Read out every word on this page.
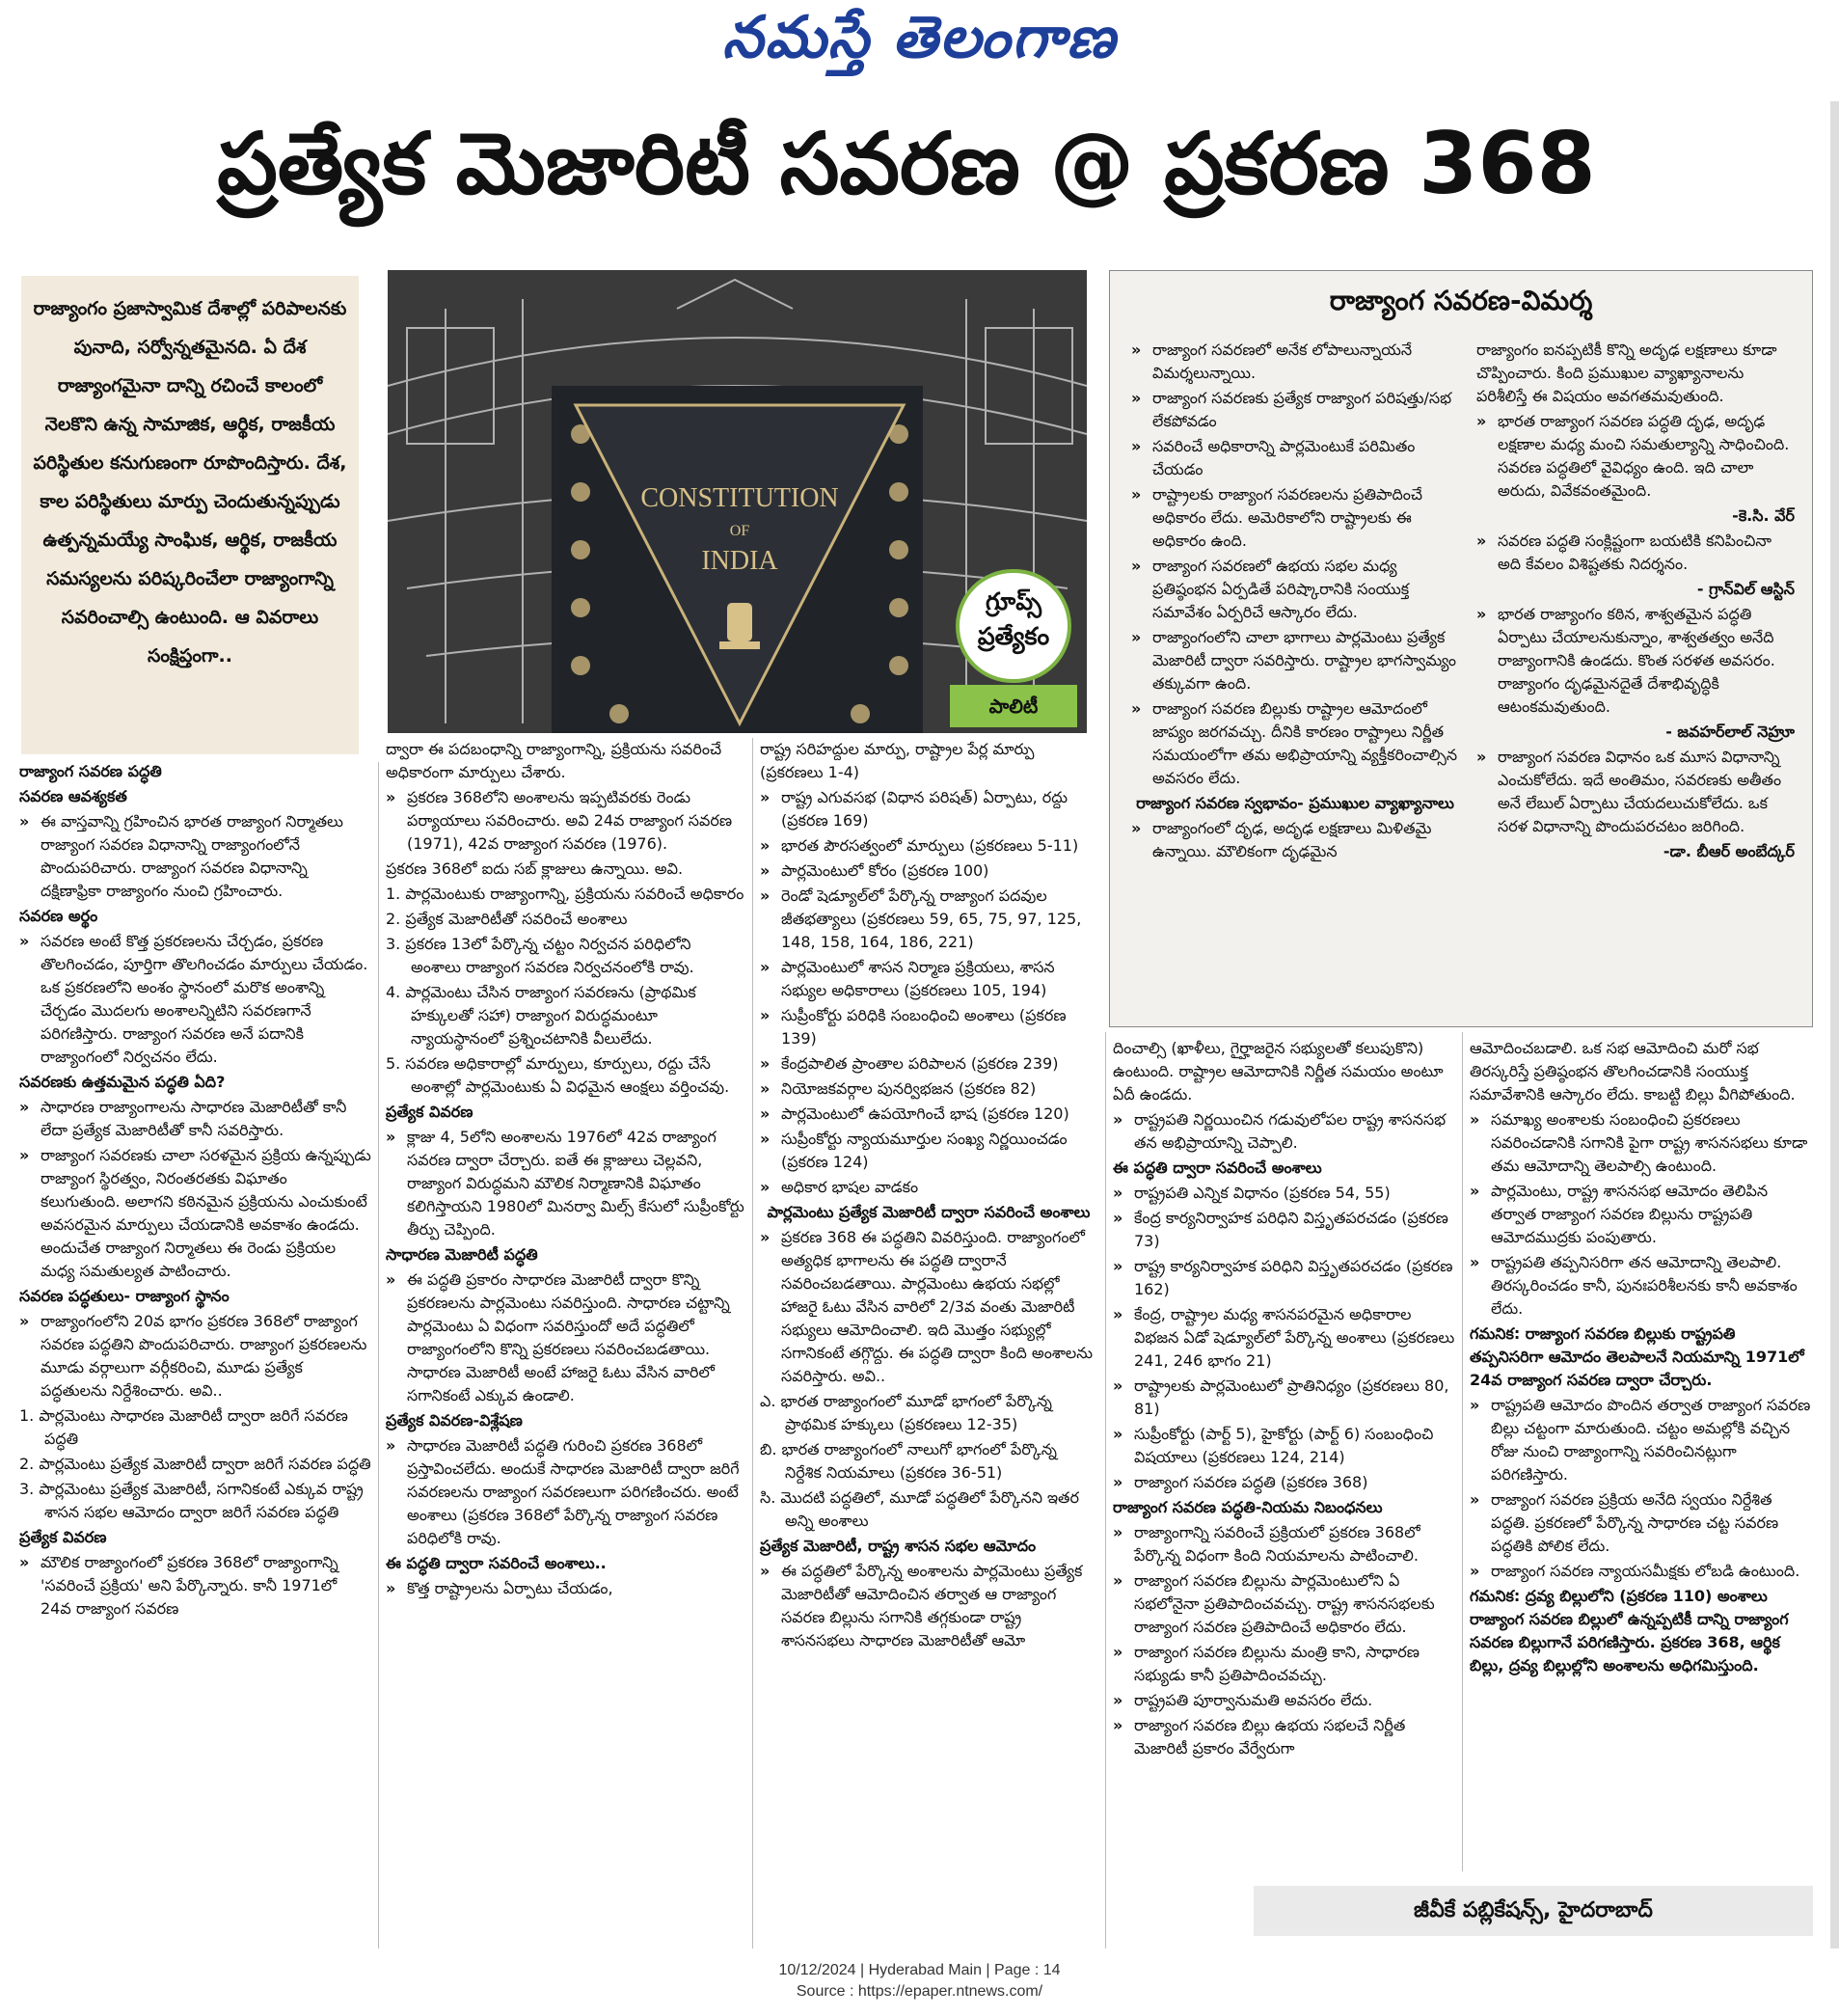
నమస్తే తెలంగాణ
ప్రత్యేక మెజారిటీ సవరణ @ ప్రకరణ 368
రాజ్యాంగం ప్రజాస్వామిక దేశాల్లో పరిపాలనకు పునాది, సర్వోన్నతమైనది. ఏ దేశ రాజ్యాంగమైనా దాన్ని రచించే కాలంలో నెలకొని ఉన్న సామాజిక, ఆర్థిక, రాజకీయ పరిస్థితుల కనుగుణంగా రూపొందిస్తారు. దేశ, కాల పరిస్థితులు మార్పు చెందుతున్నప్పుడు ఉత్పన్నమయ్యే సాంఘిక, ఆర్థిక, రాజకీయ సమస్యలను పరిష్కరించేలా రాజ్యాంగాన్ని సవరించాల్సి ఉంటుంది. ఆ వివరాలు సంక్షిప్తంగా..
CONSTITUTION
OF
INDIA
గ్రూప్స్
ప్రత్యేకం
పాలిటీ
రాజ్యాంగ సవరణ-విమర్శ

» రాజ్యాంగ సవరణలో అనేక లోపాలున్నాయనే విమర్శలున్నాయి.

» రాజ్యాంగ సవరణకు ప్రత్యేక రాజ్యాంగ పరిషత్తు/సభ లేకపోవడం

» సవరించే అధికారాన్ని పార్లమెంటుకే పరిమితం చేయడం

» రాష్ట్రాలకు రాజ్యాంగ సవరణలను ప్రతిపాదించే అధికారం లేదు. అమెరికాలోని రాష్ట్రాలకు ఈ అధికారం ఉంది.

» రాజ్యాంగ సవరణలో ఉభయ సభల మధ్య ప్రతిష్ఠంభన ఏర్పడితే పరిష్కారానికి సంయుక్త సమావేశం ఏర్పరిచే ఆస్కారం లేదు.

» రాజ్యాంగంలోని చాలా భాగాలు పార్లమెంటు ప్రత్యేక మెజారిటీ ద్వారా సవరిస్తారు. రాష్ట్రాల భాగస్వామ్యం తక్కువగా ఉంది.

» రాజ్యాంగ సవరణ బిల్లుకు రాష్ట్రాల ఆమోదంలో జాప్యం జరగవచ్చు. దీనికి కారణం రాష్ట్రాలు నిర్ణీత సమయంలోగా తమ అభిప్రాయాన్ని వ్యక్తీకరించాల్సిన అవసరం లేదు.

రాజ్యాంగ సవరణ స్వభావం- ప్రముఖుల వ్యాఖ్యానాలు

» రాజ్యాంగంలో దృఢ, అదృఢ లక్షణాలు మిళితమై ఉన్నాయి. మౌలికంగా దృఢమైన

రాజ్యాంగం ఐనప్పటికీ కొన్ని అదృఢ లక్షణాలు కూడా చొప్పించారు. కింది ప్రముఖుల వ్యాఖ్యానాలను పరిశీలిస్తే ఈ విషయం అవగతమవుతుంది.

» భారత రాజ్యాంగ సవరణ పద్ధతి దృఢ, అదృఢ లక్షణాల మధ్య మంచి సమతుల్యాన్ని సాధించింది. సవరణ పద్ధతిలో వైవిధ్యం ఉంది. ఇది చాలా అరుదు, వివేకవంతమైంది.

-కె.సి. వేర్

» సవరణ పద్ధతి సంక్లిష్టంగా బయటికి కనిపించినా అది కేవలం విశిష్టతకు నిదర్శనం.

- గ్రాన్‌విల్ ఆస్టిన్

» భారత రాజ్యాంగం కఠిన, శాశ్వతమైన పద్ధతి ఏర్పాటు చేయాలనుకున్నాం, శాశ్వతత్వం అనేది రాజ్యాంగానికి ఉండదు. కొంత సరళత అవసరం. రాజ్యాంగం దృఢమైనదైతే దేశాభివృద్ధికి ఆటంకమవుతుంది.

- జవహర్‌లాల్ నెహ్రూ

» రాజ్యాంగ సవరణ విధానం ఒక మూస విధానాన్ని ఎంచుకోలేదు. ఇదే అంతిమం, సవరణకు అతీతం అనే లేబుల్ ఏర్పాటు చేయదలుచుకోలేదు. ఒక సరళ విధానాన్ని పొందుపరచటం జరిగింది.

-డా. బీఆర్ అంబేద్కర్

రాజ్యాంగ సవరణ పద్ధతి

సవరణ ఆవశ్యకత

» ఈ వాస్తవాన్ని గ్రహించిన భారత రాజ్యాంగ నిర్మాతలు రాజ్యాంగ సవరణ విధానాన్ని రాజ్యాంగంలోనే పొందుపరిచారు. రాజ్యాంగ సవరణ విధానాన్ని దక్షిణాఫ్రికా రాజ్యాంగం నుంచి గ్రహించారు.

సవరణ అర్థం

» సవరణ అంటే కొత్త ప్రకరణలను చేర్చడం, ప్రకరణ తొలగించడం, పూర్తిగా తొలగించడం మార్పులు చేయడం. ఒక ప్రకరణలోని అంశం స్థానంలో మరొక అంశాన్ని చేర్చడం మొదలగు అంశాలన్నిటిని సవరణగానే పరిగణిస్తారు. రాజ్యాంగ సవరణ అనే పదానికి రాజ్యాంగంలో నిర్వచనం లేదు.

సవరణకు ఉత్తమమైన పద్ధతి ఏది?

» సాధారణ రాజ్యాంగాలను సాధారణ మెజారిటీతో కానీ లేదా ప్రత్యేక మెజారిటీతో కానీ సవరిస్తారు.

» రాజ్యాంగ సవరణకు చాలా సరళమైన ప్రక్రియ ఉన్నప్పుడు రాజ్యాంగ స్థిరత్వం, నిరంతరతకు విఘాతం కలుగుతుంది. అలాగని కఠినమైన ప్రక్రియను ఎంచుకుంటే అవసరమైన మార్పులు చేయడానికి అవకాశం ఉండదు. అందుచేత రాజ్యాంగ నిర్మాతలు ఈ రెండు ప్రక్రియల మధ్య సమతుల్యత పాటించారు.

సవరణ పద్ధతులు- రాజ్యాంగ స్థానం

» రాజ్యాంగంలోని 20వ భాగం ప్రకరణ 368లో రాజ్యాంగ సవరణ పద్ధతిని పొందుపరిచారు. రాజ్యాంగ ప్రకరణలను మూడు వర్గాలుగా వర్గీకరించి, మూడు ప్రత్యేక పద్ధతులను నిర్దేశించారు. అవి..

1. పార్లమెంటు సాధారణ మెజారిటీ ద్వారా జరిగే సవరణ పద్ధతి

2. పార్లమెంటు ప్రత్యేక మెజారిటీ ద్వారా జరిగే సవరణ పద్ధతి

3. పార్లమెంటు ప్రత్యేక మెజారిటీ, సగానికంటే ఎక్కువ రాష్ట్ర శాసన సభల ఆమోదం ద్వారా జరిగే సవరణ పద్ధతి

ప్రత్యేక వివరణ

» మౌలిక రాజ్యాంగంలో ప్రకరణ 368లో రాజ్యాంగాన్ని 'సవరించే ప్రక్రియ' అని పేర్కొన్నారు. కానీ 1971లో 24వ రాజ్యాంగ సవరణ

ద్వారా ఈ పదబంధాన్ని రాజ్యాంగాన్ని, ప్రక్రియను సవరించే అధికారంగా మార్పులు చేశారు.

» ప్రకరణ 368లోని అంశాలను ఇప్పటివరకు రెండు పర్యాయాలు సవరించారు. అవి 24వ రాజ్యాంగ సవరణ (1971), 42వ రాజ్యాంగ సవరణ (1976).

ప్రకరణ 368లో ఐదు సబ్ క్లాజులు ఉన్నాయి. అవి.

1. పార్లమెంటుకు రాజ్యాంగాన్ని, ప్రక్రియను సవరించే అధికారం

2. ప్రత్యేక మెజారిటీతో సవరించే అంశాలు

3. ప్రకరణ 13లో పేర్కొన్న చట్టం నిర్వచన పరిధిలోని అంశాలు రాజ్యాంగ సవరణ నిర్వచనంలోకి రావు.

4. పార్లమెంటు చేసిన రాజ్యాంగ సవరణను (ప్రాథమిక హక్కులతో సహా) రాజ్యాంగ విరుద్ధమంటూ న్యాయస్థానంలో ప్రశ్నించటానికి వీలులేదు.

5. సవరణ అధికారాల్లో మార్పులు, కూర్పులు, రద్దు చేసే అంశాల్లో పార్లమెంటుకు ఏ విధమైన ఆంక్షలు వర్తించవు.

ప్రత్యేక వివరణ

» క్లాజు 4, 5లోని అంశాలను 1976లో 42వ రాజ్యాంగ సవరణ ద్వారా చేర్చారు. ఐతే ఈ క్లాజులు చెల్లవని, రాజ్యాంగ విరుద్ధమని మౌలిక నిర్మాణానికి విఘాతం కలిగిస్తాయని 1980లో మినర్వా మిల్స్ కేసులో సుప్రీంకోర్టు తీర్పు చెప్పింది.

సాధారణ మెజారిటీ పద్ధతి

» ఈ పద్ధతి ప్రకారం సాధారణ మెజారిటీ ద్వారా కొన్ని ప్రకరణలను పార్లమెంటు సవరిస్తుంది. సాధారణ చట్టాన్ని పార్లమెంటు ఏ విధంగా సవరిస్తుందో అదే పద్ధతిలో రాజ్యాంగంలోని కొన్ని ప్రకరణలు సవరించబడతాయి. సాధారణ మెజారిటీ అంటే హాజరై ఓటు వేసిన వారిలో సగానికంటే ఎక్కువ ఉండాలి.

ప్రత్యేక వివరణ-విశ్లేషణ

» సాధారణ మెజారిటీ పద్ధతి గురించి ప్రకరణ 368లో ప్రస్తావించలేదు. అందుకే సాధారణ మెజారిటీ ద్వారా జరిగే సవరణలను రాజ్యాంగ సవరణలుగా పరిగణించరు. అంటే అంశాలు (ప్రకరణ 368లో పేర్కొన్న రాజ్యాంగ సవరణ పరిధిలోకి రావు.

ఈ పద్ధతి ద్వారా సవరించే అంశాలు..

» కొత్త రాష్ట్రాలను ఏర్పాటు చేయడం,

రాష్ట్ర సరిహద్దుల మార్పు, రాష్ట్రాల పేర్ల మార్పు (ప్రకరణలు 1-4)

» రాష్ట్ర ఎగువసభ (విధాన పరిషత్) ఏర్పాటు, రద్దు (ప్రకరణ 169)

» భారత పౌరసత్వంలో మార్పులు (ప్రకరణలు 5-11)

» పార్లమెంటులో కోరం (ప్రకరణ 100)

» రెండో షెడ్యూల్‌లో పేర్కొన్న రాజ్యాంగ పదవుల జీతభత్యాలు (ప్రకరణలు 59, 65, 75, 97, 125, 148, 158, 164, 186, 221)

» పార్లమెంటులో శాసన నిర్మాణ ప్రక్రియలు, శాసన సభ్యుల అధికారాలు (ప్రకరణలు 105, 194)

» సుప్రీంకోర్టు పరిధికి సంబంధించి అంశాలు (ప్రకరణ 139)

» కేంద్రపాలిత ప్రాంతాల పరిపాలన (ప్రకరణ 239)

» నియోజకవర్గాల పునర్విభజన (ప్రకరణ 82)

» పార్లమెంటులో ఉపయోగించే భాష (ప్రకరణ 120)

» సుప్రీంకోర్టు న్యాయమూర్తుల సంఖ్య నిర్ణయించడం (ప్రకరణ 124)

» అధికార భాషల వాడకం

పార్లమెంటు ప్రత్యేక మెజారిటీ ద్వారా సవరించే అంశాలు

» ప్రకరణ 368 ఈ పద్ధతిని వివరిస్తుంది. రాజ్యాంగంలో అత్యధిక భాగాలను ఈ పద్ధతి ద్వారానే సవరించబడతాయి. పార్లమెంటు ఉభయ సభల్లో హాజరై ఓటు వేసిన వారిలో 2/3వ వంతు మెజారిటీ సభ్యులు ఆమోదించాలి. ఇది మొత్తం సభ్యుల్లో సగానికంటే తగ్గొద్దు. ఈ పద్ధతి ద్వారా కింది అంశాలను సవరిస్తారు. అవి..

ఎ. భారత రాజ్యాంగంలో మూడో భాగంలో పేర్కొన్న ప్రాథమిక హక్కులు (ప్రకరణలు 12-35)

బి. భారత రాజ్యాంగంలో నాలుగో భాగంలో పేర్కొన్న నిర్దేశిక నియమాలు (ప్రకరణ 36-51)

సి. మొదటి పద్ధతిలో, మూడో పద్ధతిలో పేర్కొనని ఇతర అన్ని అంశాలు

ప్రత్యేక మెజారిటీ, రాష్ట్ర శాసన సభల ఆమోదం

» ఈ పద్ధతిలో పేర్కొన్న అంశాలను పార్లమెంటు ప్రత్యేక మెజారిటీతో ఆమోదించిన తర్వాత ఆ రాజ్యాంగ సవరణ బిల్లును సగానికి తగ్గకుండా రాష్ట్ర శాసనసభలు సాధారణ మెజారిటీతో ఆమో

దించాల్సి (ఖాళీలు, గైర్హాజరైన సభ్యులతో కలుపుకొని) ఉంటుంది. రాష్ట్రాల ఆమోదానికి నిర్ణీత సమయం అంటూ ఏదీ ఉండదు.

» రాష్ట్రపతి నిర్ణయించిన గడువులోపల రాష్ట్ర శాసనసభ తన అభిప్రాయాన్ని చెప్పాలి.

ఈ పద్ధతి ద్వారా సవరించే అంశాలు

» రాష్ట్రపతి ఎన్నిక విధానం (ప్రకరణ 54, 55)

» కేంద్ర కార్యనిర్వాహక పరిధిని విస్తృతపరచడం (ప్రకరణ 73)

» రాష్ట్ర కార్యనిర్వాహక పరిధిని విస్తృతపరచడం (ప్రకరణ 162)

» కేంద్ర, రాష్ట్రాల మధ్య శాసనపరమైన అధికారాల విభజన ఏడో షెడ్యూల్‌లో పేర్కొన్న అంశాలు (ప్రకరణలు 241, 246 భాగం 21)

» రాష్ట్రాలకు పార్లమెంటులో ప్రాతినిధ్యం (ప్రకరణలు 80, 81)

» సుప్రీంకోర్టు (పార్ట్ 5), హైకోర్టు (పార్ట్ 6) సంబంధించి విషయాలు (ప్రకరణలు 124, 214)

» రాజ్యాంగ సవరణ పద్ధతి (ప్రకరణ 368)

రాజ్యాంగ సవరణ పద్ధతి-నియమ నిబంధనలు

» రాజ్యాంగాన్ని సవరించే ప్రక్రియలో ప్రకరణ 368లో పేర్కొన్న విధంగా కింది నియమాలను పాటించాలి.

» రాజ్యాంగ సవరణ బిల్లును పార్లమెంటులోని ఏ సభలోనైనా ప్రతిపాదించవచ్చు. రాష్ట్ర శాసనసభలకు రాజ్యాంగ సవరణ ప్రతిపాదించే అధికారం లేదు.

» రాజ్యాంగ సవరణ బిల్లును మంత్రి కాని, సాధారణ సభ్యుడు కానీ ప్రతిపాదించవచ్చు.

» రాష్ట్రపతి పూర్వానుమతి అవసరం లేదు.

» రాజ్యాంగ సవరణ బిల్లు ఉభయ సభలచే నిర్ణీత మెజారిటీ ప్రకారం వేర్వేరుగా

ఆమోదించబడాలి. ఒక సభ ఆమోదించి మరో సభ తిరస్కరిస్తే ప్రతిష్ఠంభన తొలగించడానికి సంయుక్త సమావేశానికి ఆస్కారం లేదు. కాబట్టి బిల్లు వీగిపోతుంది.

» సమాఖ్య అంశాలకు సంబంధించి ప్రకరణలు సవరించడానికి సగానికి పైగా రాష్ట్ర శాసనసభలు కూడా తమ ఆమోదాన్ని తెలపాల్సి ఉంటుంది.

» పార్లమెంటు, రాష్ట్ర శాసనసభ ఆమోదం తెలిపిన తర్వాత రాజ్యాంగ సవరణ బిల్లును రాష్ట్రపతి ఆమోదముద్రకు పంపుతారు.

» రాష్ట్రపతి తప్పనిసరిగా తన ఆమోదాన్ని తెలపాలి. తిరస్కరించడం కానీ, పునఃపరిశీలనకు కానీ అవకాశం లేదు.

గమనిక: రాజ్యాంగ సవరణ బిల్లుకు రాష్ట్రపతి తప్పనిసరిగా ఆమోదం తెలపాలనే నియమాన్ని 1971లో 24వ రాజ్యాంగ సవరణ ద్వారా చేర్చారు.

» రాష్ట్రపతి ఆమోదం పొందిన తర్వాత రాజ్యాంగ సవరణ బిల్లు చట్టంగా మారుతుంది. చట్టం అమల్లోకి వచ్చిన రోజు నుంచి రాజ్యాంగాన్ని సవరించినట్లుగా పరిగణిస్తారు.

» రాజ్యాంగ సవరణ ప్రక్రియ అనేది స్వయం నిర్దేశిత పద్ధతి. ప్రకరణలో పేర్కొన్న సాధారణ చట్ట సవరణ పద్ధతికి పోలిక లేదు.

» రాజ్యాంగ సవరణ న్యాయసమీక్షకు లోబడి ఉంటుంది.

గమనిక: ద్రవ్య బిల్లులోని (ప్రకరణ 110) అంశాలు రాజ్యాంగ సవరణ బిల్లులో ఉన్నప్పటికీ దాన్ని రాజ్యాంగ సవరణ బిల్లుగానే పరిగణిస్తారు. ప్రకరణ 368, ఆర్థిక బిల్లు, ద్రవ్య బిల్లుల్లోని అంశాలను అధిగమిస్తుంది.

జీవీకే పబ్లికేషన్స్, హైదరాబాద్
10/12/2024 | Hyderabad Main | Page : 14
Source : https://epaper.ntnews.com/
